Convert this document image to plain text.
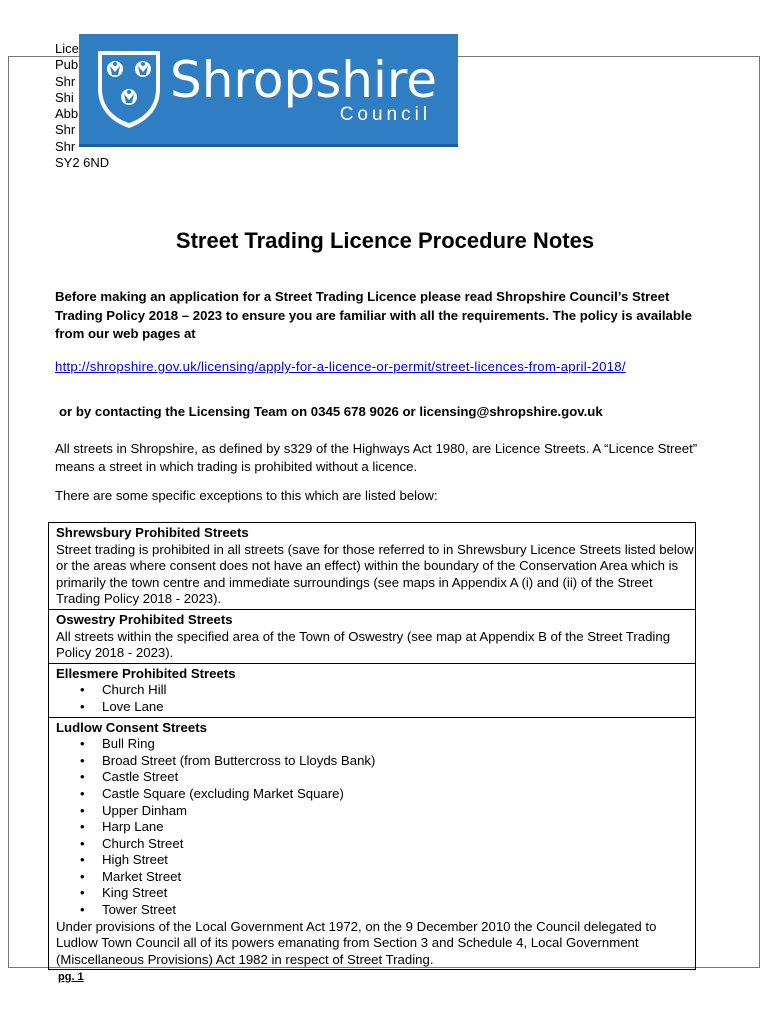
Lice
Pub
Shr
Shi
Abb
Shr
Shr
SY2 6ND
Shropshire
Council
Street Trading Licence Procedure Notes
Before making an application for a Street Trading Licence please read Shropshire Council’s Street Trading Policy 2018 – 2023 to ensure you are familiar with all the requirements. The policy is available from our web pages at
http://shropshire.gov.uk/licensing/apply-for-a-licence-or-permit/street-licences-from-april-2018/
or by contacting the Licensing Team on 0345 678 9026 or licensing@shropshire.gov.uk
All streets in Shropshire, as defined by s329 of the Highways Act 1980, are Licence Streets. A “Licence Street” means a street in which trading is prohibited without a licence.
There are some specific exceptions to this which are listed below:
Shrewsbury Prohibited Streets

Street trading is prohibited in all streets (save for those referred to in Shrewsbury Licence Streets listed below or the areas where consent does not have an effect) within the boundary of the Conservation Area which is primarily the town centre and immediate surroundings (see maps in Appendix A (i) and (ii) of the Street Trading Policy 2018 - 2023).

Oswestry Prohibited Streets

All streets within the specified area of the Town of Oswestry (see map at Appendix B of the Street Trading Policy 2018 - 2023).

Ellesmere Prohibited Streets
• Church Hill
• Love Lane
Ludlow Consent Streets
• Bull Ring
• Broad Street (from Buttercross to Lloyds Bank)
• Castle Street
• Castle Square (excluding Market Square)
• Upper Dinham
• Harp Lane
• Church Street
• High Street
• Market Street
• King Street
• Tower Street

Under provisions of the Local Government Act 1972, on the 9 December 2010 the Council delegated to Ludlow Town Council all of its powers emanating from Section 3 and Schedule 4, Local Government (Miscellaneous Provisions) Act 1982 in respect of Street Trading.

pg. 1
